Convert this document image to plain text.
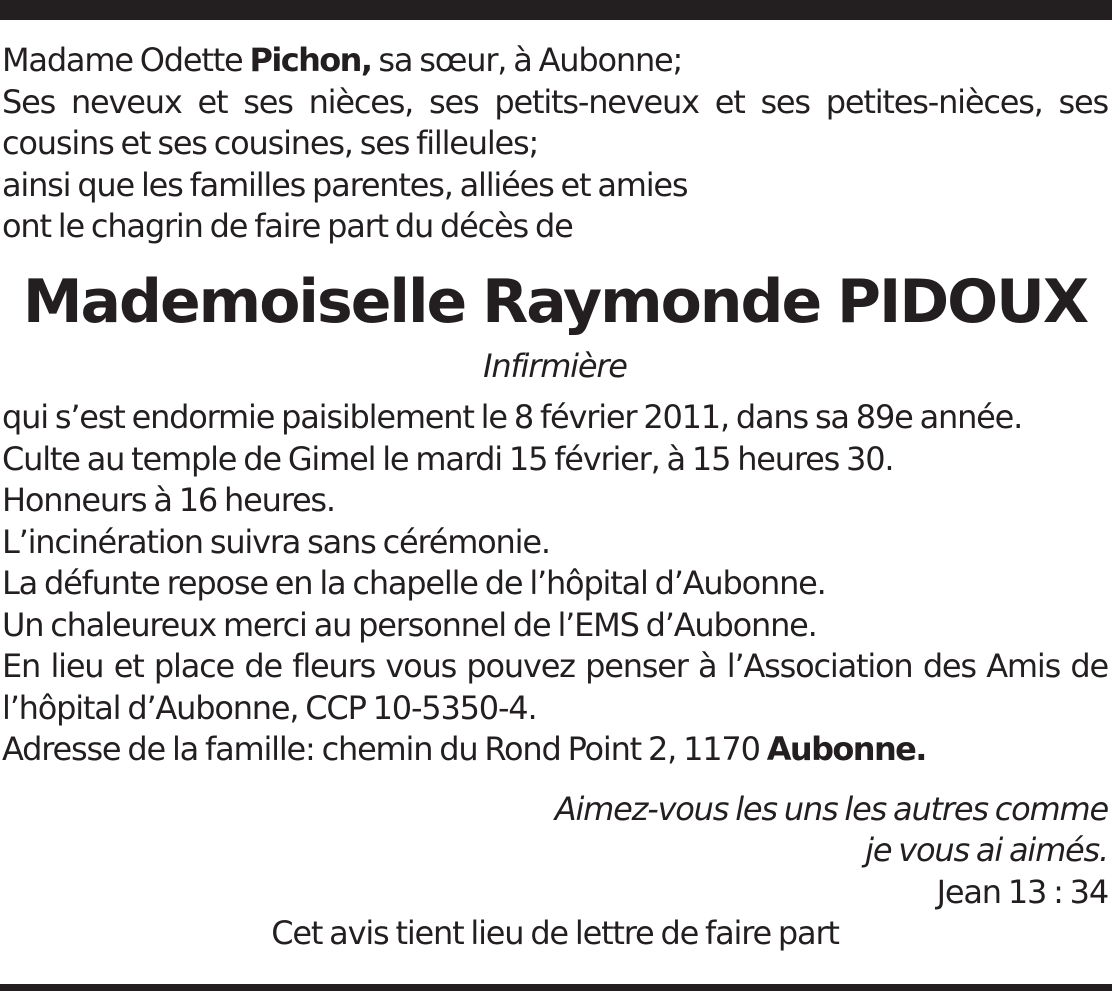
Madame Odette Pichon, sa sœur, à Aubonne;
Ses neveux et ses nièces, ses petits-neveux et ses petites-nièces, ses
cousins et ses cousines, ses filleules;
ainsi que les familles parentes, alliées et amies
ont le chagrin de faire part du décès de
Mademoiselle Raymonde PIDOUX
Infirmière
qui s’est endormie paisiblement le 8 février 2011, dans sa 89e année.
Culte au temple de Gimel le mardi 15 février, à 15 heures 30.
Honneurs à 16 heures.
L’incinération suivra sans cérémonie.
La défunte repose en la chapelle de l’hôpital d’Aubonne.
Un chaleureux merci au personnel de l’EMS d’Aubonne.
En lieu et place de fleurs vous pouvez penser à l’Association des Amis de
l’hôpital d’Aubonne, CCP 10-5350-4.
Adresse de la famille: chemin du Rond Point 2, 1170 Aubonne.
Aimez-vous les uns les autres comme
je vous ai aimés.
Jean 13 : 34
Cet avis tient lieu de lettre de faire part
